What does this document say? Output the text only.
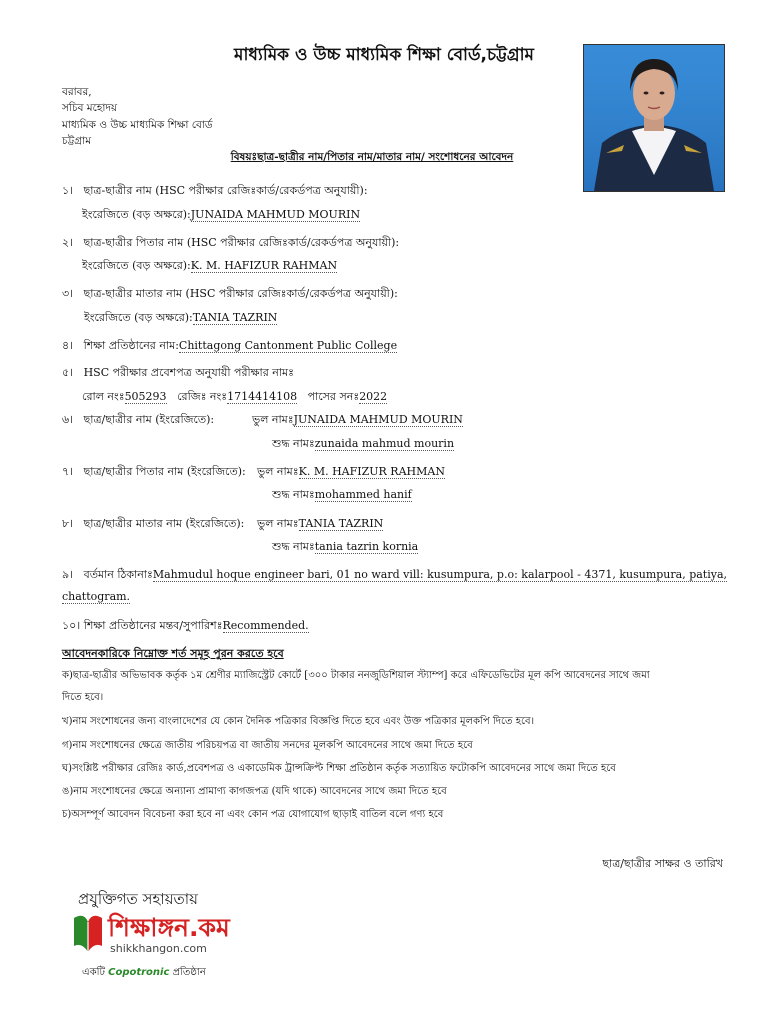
মাধ্যমিক ও উচ্চ মাধ্যমিক শিক্ষা বোর্ড,চট্টগ্রাম
বরাবর,
সচিব মহোদয়
মাধ্যমিক ও উচ্চ মাধ্যমিক শিক্ষা বোর্ড
চট্টগ্রাম
বিষয়ঃছাত্র-ছাত্রীর নাম/পিতার নাম/মাতার নাম/ সংশোধনের আবেদন
১। ছাত্র-ছাত্রীর নাম (HSC পরীক্ষার রেজিঃকার্ড/রেকর্ডপত্র অনুযায়ী):
ইংরেজিতে (বড় অক্ষরে):JUNAIDA MAHMUD MOURIN
২। ছাত্র-ছাত্রীর পিতার নাম (HSC পরীক্ষার রেজিঃকার্ড/রেকর্ডপত্র অনুযায়ী):
ইংরেজিতে (বড় অক্ষরে):K. M. HAFIZUR RAHMAN
৩। ছাত্র-ছাত্রীর মাতার নাম (HSC পরীক্ষার রেজিঃকার্ড/রেকর্ডপত্র অনুযায়ী):
ইংরেজিতে (বড় অক্ষরে):TANIA TAZRIN
৪। শিক্ষা প্রতিষ্ঠানের নাম:Chittagong Cantonment Public College
৫। HSC পরীক্ষার প্রবেশপত্র অনুযায়ী পরীক্ষার নামঃ
রোল নংঃ505293 রেজিঃ নংঃ1714414108 পাসের সনঃ2022
৬। ছাত্র/ছাত্রীর নাম (ইংরেজিতে):	ভুল নামঃJUNAIDA MAHMUD MOURIN
শুদ্ধ নামঃzunaida mahmud mourin
৭। ছাত্র/ছাত্রীর পিতার নাম (ইংরেজিতে): ভুল নামঃK. M. HAFIZUR RAHMAN
শুদ্ধ নামঃmohammed hanif
৮। ছাত্র/ছাত্রীর মাতার নাম (ইংরেজিতে): ভুল নামঃTANIA TAZRIN
শুদ্ধ নামঃtania tazrin kornia
৯। বর্তমান ঠিকানাঃMahmudul hoque engineer bari, 01 no ward vill: kusumpura, p.o: kalarpool - 4371, kusumpura, patiya,
chattogram.
১০। শিক্ষা প্রতিষ্ঠানের মন্তব/সুপারিশঃRecommended.
আবেদনকারিকে নিম্নোক্ত শর্ত সমূহ পুরন করতে হবে
ক)ছাত্র-ছাত্রীর অভিভাবক কর্তৃক ১ম শ্রেণীর ম্যাজিস্ট্রেট কোর্টে [৩০০ টাকার ননজুডিশিয়াল স্ট্যাম্প] করে এফিডেভিটের মূল কপি আবেদনের সাথে জমা
দিতে হবে।
খ)নাম সংশোধনের জন্য বাংলাদেশের যে কোন দৈনিক পত্রিকার বিজ্ঞপ্তি দিতে হবে এবং উক্ত পত্রিকার মূলকপি দিতে হবে।
গ)নাম সংশোধনের ক্ষেত্রে জাতীয় পরিচয়পত্র বা জাতীয় সনদের মূলকপি আবেদনের সাথে জমা দিতে হবে
ঘ)সংশ্লিষ্ট পরীক্ষার রেজিঃ কার্ড,প্রবেশপত্র ও একাডেমিক ট্রান্সক্রিপ্ট শিক্ষা প্রতিষ্ঠান কর্তৃক সত্যায়িত ফটোকপি আবেদনের সাথে জমা দিতে হবে
ঙ)নাম সংশোধনের ক্ষেত্রে অন্যান্য প্রামাণ্য কাগজপত্র (যদি থাকে) আবেদনের সাথে জমা দিতে হবে
চ)অসম্পূর্ণ আবেদন বিবেচনা করা হবে না এবং কোন পত্র যোগাযোগ ছাড়াই বাতিল বলে গণ্য হবে
ছাত্র/ছাত্রীর সাক্ষর ও তারিখ
প্রযুক্তিগত সহায়তায়
শিক্ষাঙ্গন.কম
shikkhangon.com
একটি Copotronic প্রতিষ্ঠান
